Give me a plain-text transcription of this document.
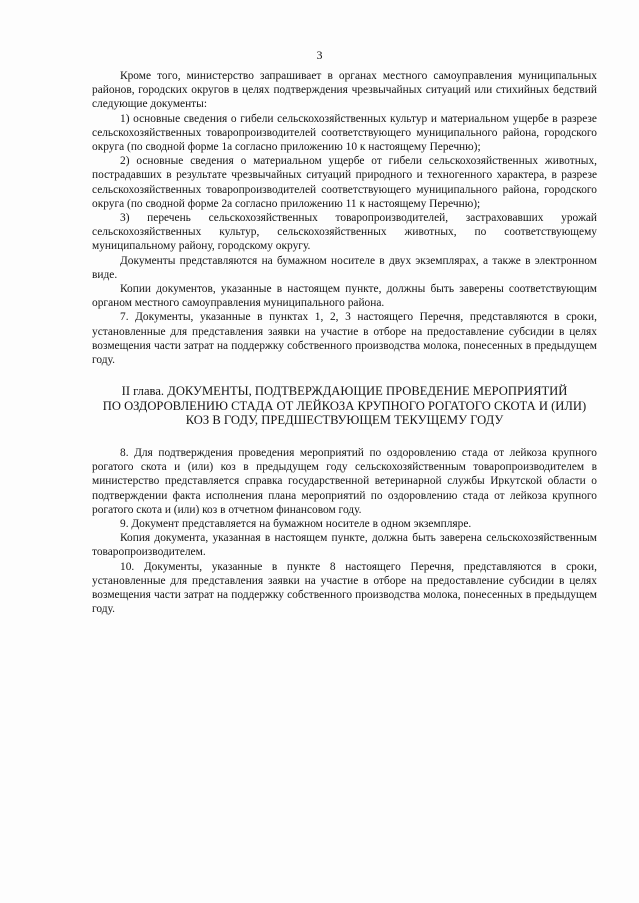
3

Кроме того, министерство запрашивает в органах местного самоуправления муниципальных районов, городских округов в целях подтверждения чрезвычайных ситуаций или стихийных бедствий следующие документы:

1) основные сведения о гибели сельскохозяйственных культур и материальном ущербе в разрезе сельскохозяйственных товаропроизводителей соответствующего муниципального района, городского округа (по сводной форме 1а согласно приложению 10 к настоящему Перечню);

2) основные сведения о материальном ущербе от гибели сельскохозяйственных животных, пострадавших в результате чрезвычайных ситуаций природного и техногенного характера, в разрезе сельскохозяйственных товаропроизводителей соответствующего муниципального района, городского округа (по сводной форме 2а согласно приложению 11 к настоящему Перечню);

3) перечень сельскохозяйственных товаропроизводителей, застраховавших урожай сельскохозяйственных культур, сельскохозяйственных животных, по соответствующему муниципальному району, городскому округу.

Документы представляются на бумажном носителе в двух экземплярах, а также в электронном виде.

Копии документов, указанные в настоящем пункте, должны быть заверены соответствующим органом местного самоуправления муниципального района.

7. Документы, указанные в пунктах 1, 2, 3 настоящего Перечня, представляются в сроки, установленные для представления заявки на участие в отборе на предоставление субсидии в целях возмещения части затрат на поддержку собственного производства молока, понесенных в предыдущем году.

II глава. ДОКУМЕНТЫ, ПОДТВЕРЖДАЮЩИЕ ПРОВЕДЕНИЕ МЕРОПРИЯТИЙ
ПО ОЗДОРОВЛЕНИЮ СТАДА ОТ ЛЕЙКОЗА КРУПНОГО РОГАТОГО СКОТА И (ИЛИ)
КОЗ В ГОДУ, ПРЕДШЕСТВУЮЩЕМ ТЕКУЩЕМУ ГОДУ

8. Для подтверждения проведения мероприятий по оздоровлению стада от лейкоза крупного рогатого скота и (или) коз в предыдущем году сельскохозяйственным товаропроизводителем в министерство представляется справка государственной ветеринарной службы Иркутской области о подтверждении факта исполнения плана мероприятий по оздоровлению стада от лейкоза крупного рогатого скота и (или) коз в отчетном финансовом году.

9. Документ представляется на бумажном носителе в одном экземпляре.

Копия документа, указанная в настоящем пункте, должна быть заверена сельскохозяйственным товаропроизводителем.

10. Документы, указанные в пункте 8 настоящего Перечня, представляются в сроки, установленные для представления заявки на участие в отборе на предоставление субсидии в целях возмещения части затрат на поддержку собственного производства молока, понесенных в предыдущем году.
